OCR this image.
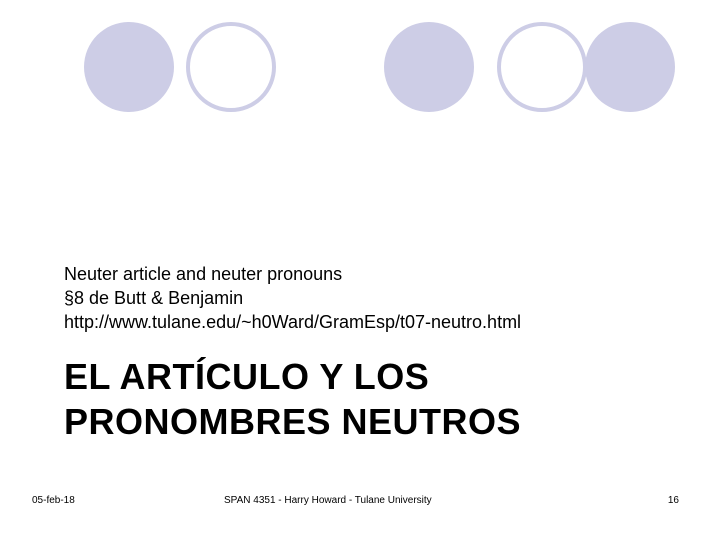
Neuter article and neuter pronouns
§8 de Butt & Benjamin
http://www.tulane.edu/~h0Ward/GramEsp/t07-neutro.html
EL ARTÍCULO Y LOS
PRONOMBRES NEUTROS
05-feb-18	SPAN 4351 - Harry Howard - Tulane University	16
